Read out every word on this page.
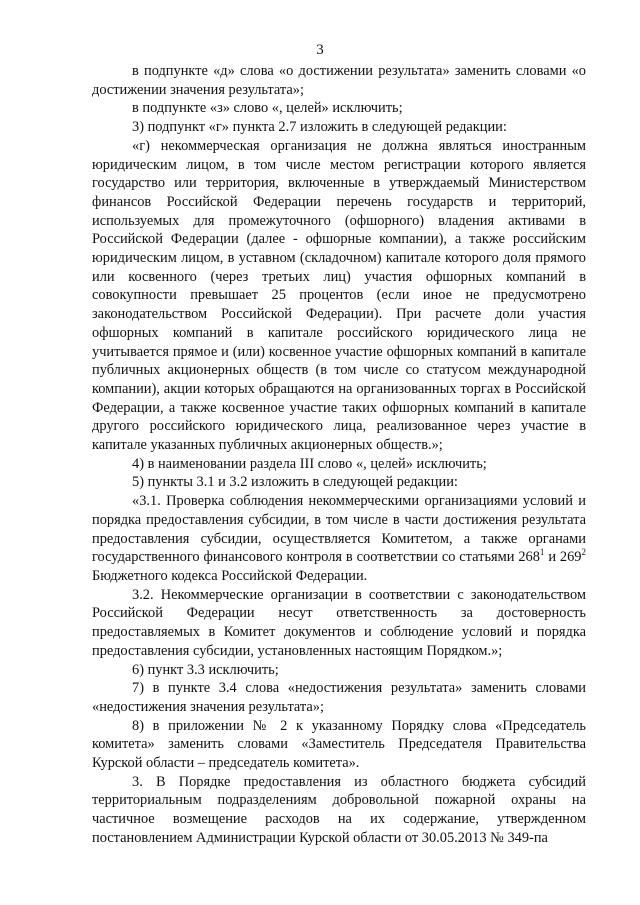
3

в подпункте «д» слова «о достижении результата» заменить словами «о достижении значения результата»;

в подпункте «з» слово «, целей» исключить;

3) подпункт «г» пункта 2.7 изложить в следующей редакции:

«г) некоммерческая организация не должна являться иностранным юридическим лицом, в том числе местом регистрации которого является государство или территория, включенные в утверждаемый Министерством финансов Российской Федерации перечень государств и территорий, используемых для промежуточного (офшорного) владения активами в Российской Федерации (далее - офшорные компании), а также российским юридическим лицом, в уставном (складочном) капитале которого доля прямого или косвенного (через третьих лиц) участия офшорных компаний в совокупности превышает 25 процентов (если иное не предусмотрено законодательством Российской Федерации). При расчете доли участия офшорных компаний в капитале российского юридического лица не учитывается прямое и (или) косвенное участие офшорных компаний в капитале публичных акционерных обществ (в том числе со статусом международной компании), акции которых обращаются на организованных торгах в Российской Федерации, а также косвенное участие таких офшорных компаний в капитале другого российского юридического лица, реализованное через участие в капитале указанных публичных акционерных обществ.»;

4) в наименовании раздела III слово «, целей» исключить;

5) пункты 3.1 и 3.2 изложить в следующей редакции:

«3.1. Проверка соблюдения некоммерческими организациями условий и порядка предоставления субсидии, в том числе в части достижения результата предоставления субсидии, осуществляется Комитетом, а также органами государственного финансового контроля в соответствии со статьями $268^1$ и $269^2$ Бюджетного кодекса Российской Федерации.

3.2. Некоммерческие организации в соответствии с законодательством Российской Федерации несут ответственность за достоверность предоставляемых в Комитет документов и соблюдение условий и порядка предоставления субсидии, установленных настоящим Порядком.»;

6) пункт 3.3 исключить;

7) в пункте 3.4 слова «недостижения результата» заменить словами «недостижения значения результата»;

8) в приложении № 2 к указанному Порядку слова «Председатель комитета» заменить словами «Заместитель Председателя Правительства Курской области – председатель комитета».

3. В Порядке предоставления из областного бюджета субсидий территориальным подразделениям добровольной пожарной охраны на частичное возмещение расходов на их содержание, утвержденном постановлением Администрации Курской области от 30.05.2013 № 349-па
